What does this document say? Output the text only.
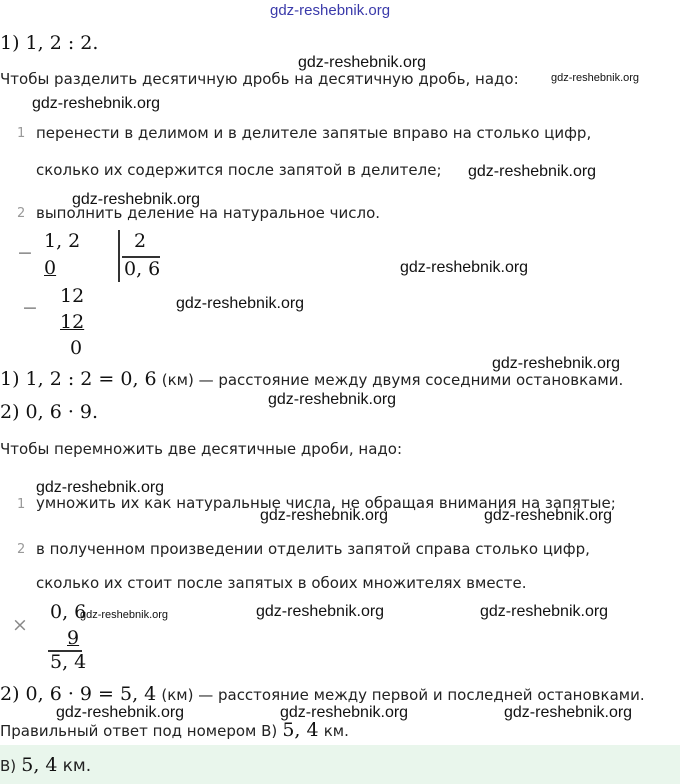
gdz-reshebnik.org
1) 1, 2 : 2.
gdz-reshebnik.org
Чтобы разделить десятичную дробь на десятичную дробь, надо:	gdz-reshebnik.org
gdz-reshebnik.org
1 перенести в делимом и в делителе запятые вправо на столько цифр,
сколько их содержится после запятой в делителе; gdz-reshebnik.org
gdz-reshebnik.org
2 выполнить деление на натуральное число.
−
1, 2
0
2
0, 6
−
12
12
0
gdz-reshebnik.org
gdz-reshebnik.org
gdz-reshebnik.org
1) 1, 2 : 2 = 0, 6 (км) — расстояние между двумя соседними остановками.
2) 0, 6 · 9.
gdz-reshebnik.org
Чтобы перемножить две десятичные дроби, надо:
gdz-reshebnik.org
1 умножить их как натуральные числа, не обращая внимания на запятые;
gdz-reshebnik.org	gdz-reshebnik.org
2 в полученном произведении отделить запятой справа столько цифр,
сколько их стоит после запятых в обоих множителях вместе.
×
0, 6
9
5, 4
gdz-reshebnik.org	gdz-reshebnik.org	gdz-reshebnik.org
2) 0, 6 · 9 = 5, 4 (км) — расстояние между первой и последней остановками.
gdz-reshebnik.org	gdz-reshebnik.org	gdz-reshebnik.org
Правильный ответ под номером В) 5, 4 км.
В) 5, 4 км.
